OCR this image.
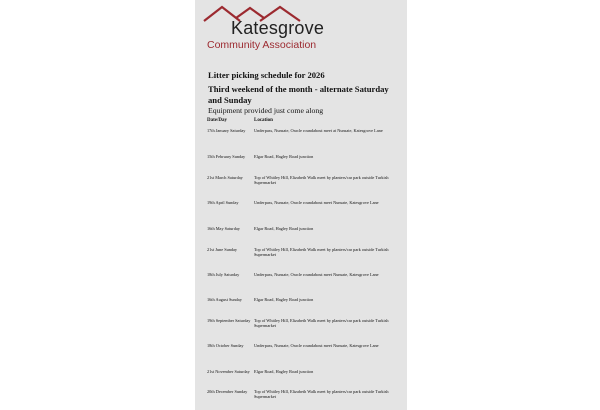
Katesgrove
Community Association
Litter picking schedule for 2026
Third weekend of the month - alternate Saturday and Sunday
Equipment provided just come along
Date/Day	Location
17th January Saturday	Underpass, Nunsate, Oracle roundabout meet at Nunsate, Katesgrove Lane
15th February Sunday	Elgar Road, Hagley Road junction
21st March Saturday	Top of Whitley Hill, Elizabeth Walk meet by planters/car park outside Turkish Supermarket
19th April Sunday	Underpass, Nunsate, Oracle roundabout meet Nunsate, Katesgrove Lane
16th May Saturday	Elgar Road, Hagley Road junction
21st June Sunday	Top of Whitley Hill, Elizabeth Walk meet by planters/car park outside Turkish Supermarket
18th July Saturday	Underpass, Nunsate, Oracle roundabout meet Nunsate, Katesgrove Lane
16th August Sunday	Elgar Road, Hagley Road junction
19th September Saturday Top of Whitley Hill, Elizabeth Walk meet by planters/car park outside Turkish Supermarket
18th October Sunday	Underpass, Nunsate, Oracle roundabout meet Nunsate, Katesgrove Lane
21st November Saturday Elgar Road, Hagley Road junction
20th December Sunday	Top of Whitley Hill, Elizabeth Walk meet by planters/car park outside Turkish Supermarket
